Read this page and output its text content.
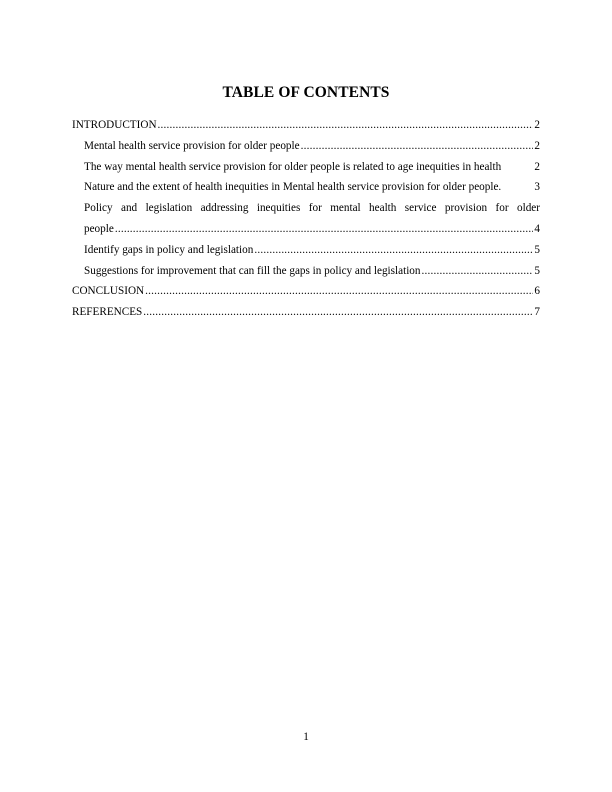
TABLE OF CONTENTS
INTRODUCTION .....	2
Mental health service provision for older people .....	2
The way mental health service provision for older people is related to age inequities in health	2
Nature and the extent of health inequities in Mental health service provision for older people.	3
Policy and legislation addressing inequities for mental health service provision for older
people .....	4
Identify gaps in policy and legislation .....	5
Suggestions for improvement that can fill the gaps in policy and legislation .....	5
CONCLUSION .....	6
REFERENCES .....	7
1
